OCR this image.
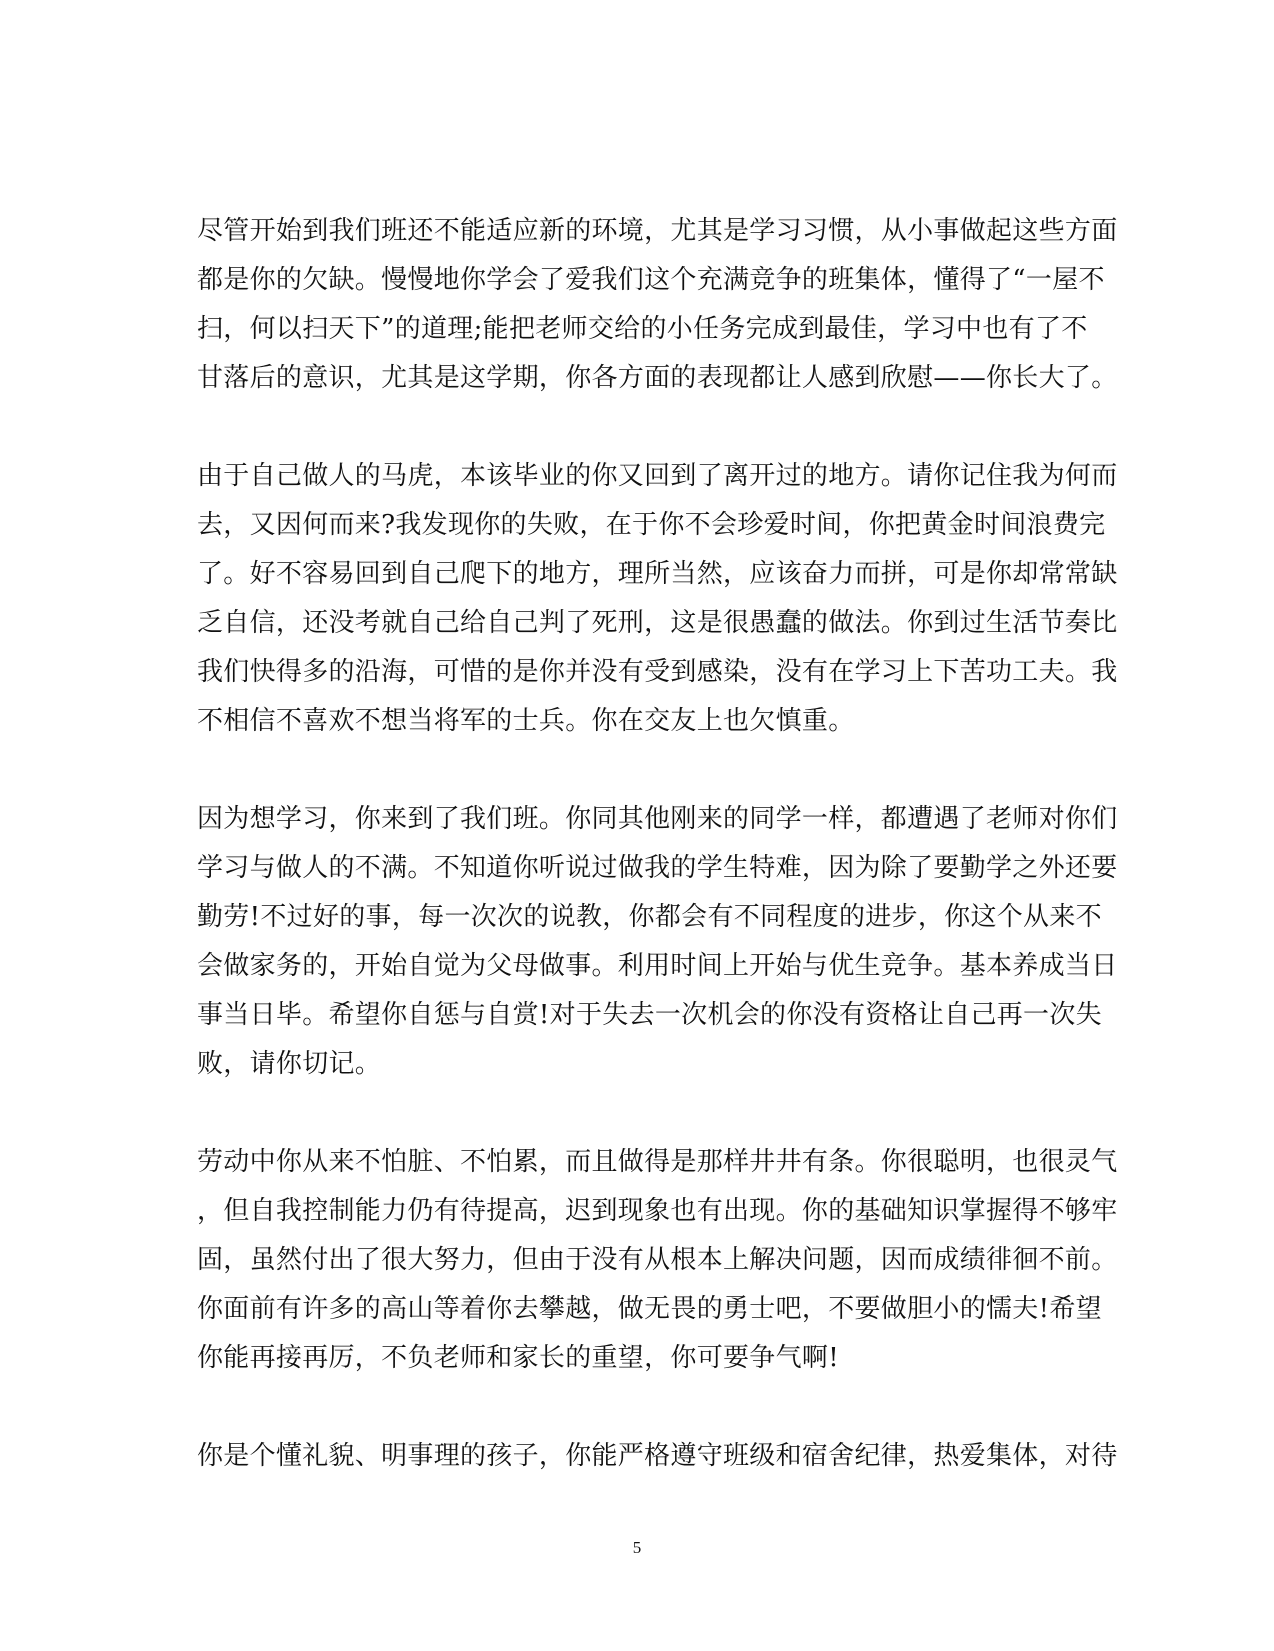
尽管开始到我们班还不能适应新的环境，尤其是学习习惯，从小事做起这些方面
都是你的欠缺。慢慢地你学会了爱我们这个充满竞争的班集体，懂得了“一屋不
扫，何以扫天下”的道理;能把老师交给的小任务完成到最佳，学习中也有了不
甘落后的意识，尤其是这学期，你各方面的表现都让人感到欣慰——你长大了。
由于自己做人的马虎，本该毕业的你又回到了离开过的地方。请你记住我为何而
去，又因何而来?我发现你的失败，在于你不会珍爱时间，你把黄金时间浪费完
了。好不容易回到自己爬下的地方，理所当然，应该奋力而拼，可是你却常常缺
乏自信，还没考就自己给自己判了死刑，这是很愚蠢的做法。你到过生活节奏比
我们快得多的沿海，可惜的是你并没有受到感染，没有在学习上下苦功工夫。我
不相信不喜欢不想当将军的士兵。你在交友上也欠慎重。
因为想学习，你来到了我们班。你同其他刚来的同学一样，都遭遇了老师对你们
学习与做人的不满。不知道你听说过做我的学生特难，因为除了要勤学之外还要
勤劳!不过好的事，每一次次的说教，你都会有不同程度的进步，你这个从来不
会做家务的，开始自觉为父母做事。利用时间上开始与优生竞争。基本养成当日
事当日毕。希望你自惩与自赏!对于失去一次机会的你没有资格让自己再一次失
败，请你切记。
劳动中你从来不怕脏、不怕累，而且做得是那样井井有条。你很聪明，也很灵气
，但自我控制能力仍有待提高，迟到现象也有出现。你的基础知识掌握得不够牢
固，虽然付出了很大努力，但由于没有从根本上解决问题，因而成绩徘徊不前。
你面前有许多的高山等着你去攀越，做无畏的勇士吧，不要做胆小的懦夫!希望
你能再接再厉，不负老师和家长的重望，你可要争气啊!
你是个懂礼貌、明事理的孩子，你能严格遵守班级和宿舍纪律，热爱集体，对待
5
